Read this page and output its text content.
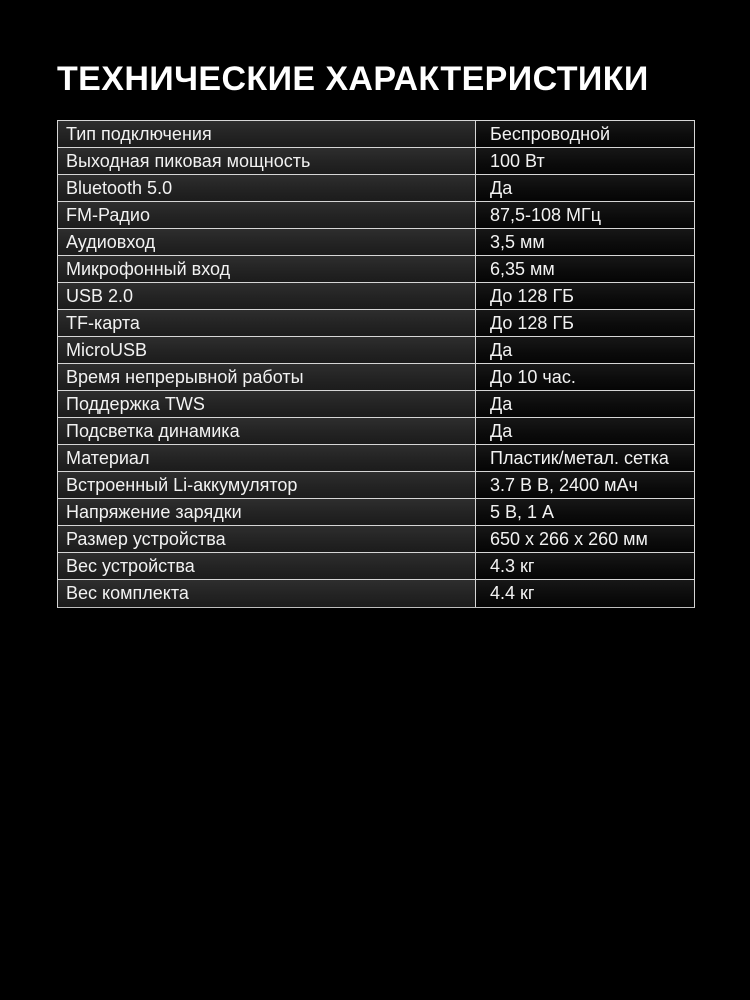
ТЕХНИЧЕСКИЕ ХАРАКТЕРИСТИКИ
Тип подключения	Беспроводной
Выходная пиковая мощность	100 Вт
Bluetooth 5.0	Да
FM-Радио	87,5-108 МГц
Аудиовход	3,5 мм
Микрофонный вход	6,35 мм
USB 2.0	До 128 ГБ
TF-карта	До 128 ГБ
MicroUSB	Да
Время непрерывной работы	До 10 час.
Поддержка TWS	Да
Подсветка динамика	Да
Материал	Пластик/метал. сетка
Встроенный Li-аккумулятор	3.7 В В, 2400 мАч
Напряжение зарядки	5 В, 1 А
Размер устройства	650 x 266 x 260 мм
Вес устройства	4.3 кг
Вес комплекта	4.4 кг
